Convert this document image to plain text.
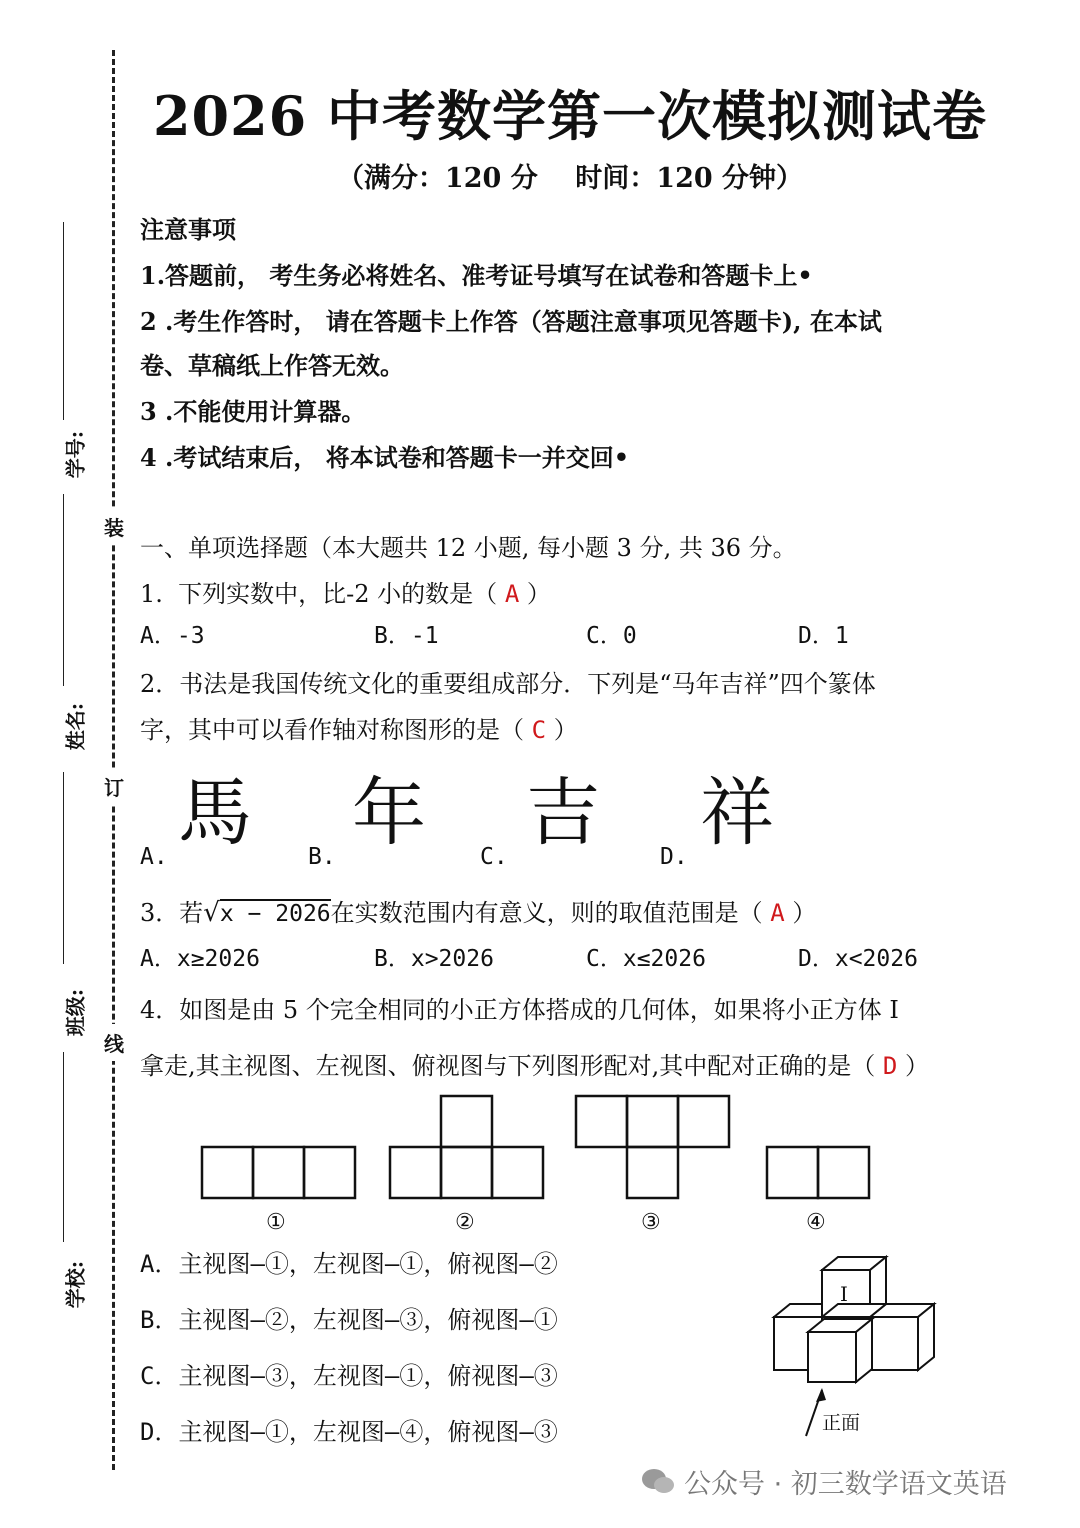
装
订
线
学号:
姓名:
班级:
学校:
2026 中考数学第一次模拟测试卷
（满分：120 分    时间：120 分钟）
注意事项
1.答题前， 考生务必将姓名、准考证号填写在试卷和答题卡上•
2 .考生作答时， 请在答题卡上作答（答题注意事项见答题卡), 在本试
卷、草稿纸上作答无效。
3 .不能使用计算器。
4 .考试结束后， 将本试卷和答题卡一并交回•
一、单项选择题（本大题共 12 小题, 每小题 3 分, 共 36 分。
1.  下列实数中，比-2 小的数是（ A ）
A．-3	B．-1	C．0	D．1
2．书法是我国传统文化的重要组成部分．下列是“马年吉祥”四个篆体
字，其中可以看作轴对称图形的是（ C ）
A.	B.	C.	D.
馬 年 吉 祥
3．若√x − 2026在实数范围内有意义，则的取值范围是（ A ）
A．x≥2026	B．x>2026	C．x≤2026	D．x<2026
4．如图是由 5 个完全相同的小正方体搭成的几何体，如果将小正方体 I
拿走,其主视图、左视图、俯视图与下列图形配对,其中配对正确的是（ D ）
①	②	③	④
A．主视图—①，左视图—①，俯视图—②
B．主视图—②，左视图—③，俯视图—①
C．主视图—③，左视图—①，俯视图—③
D．主视图—①，左视图—④，俯视图—③
I
正面
公众号 · 初三数学语文英语
